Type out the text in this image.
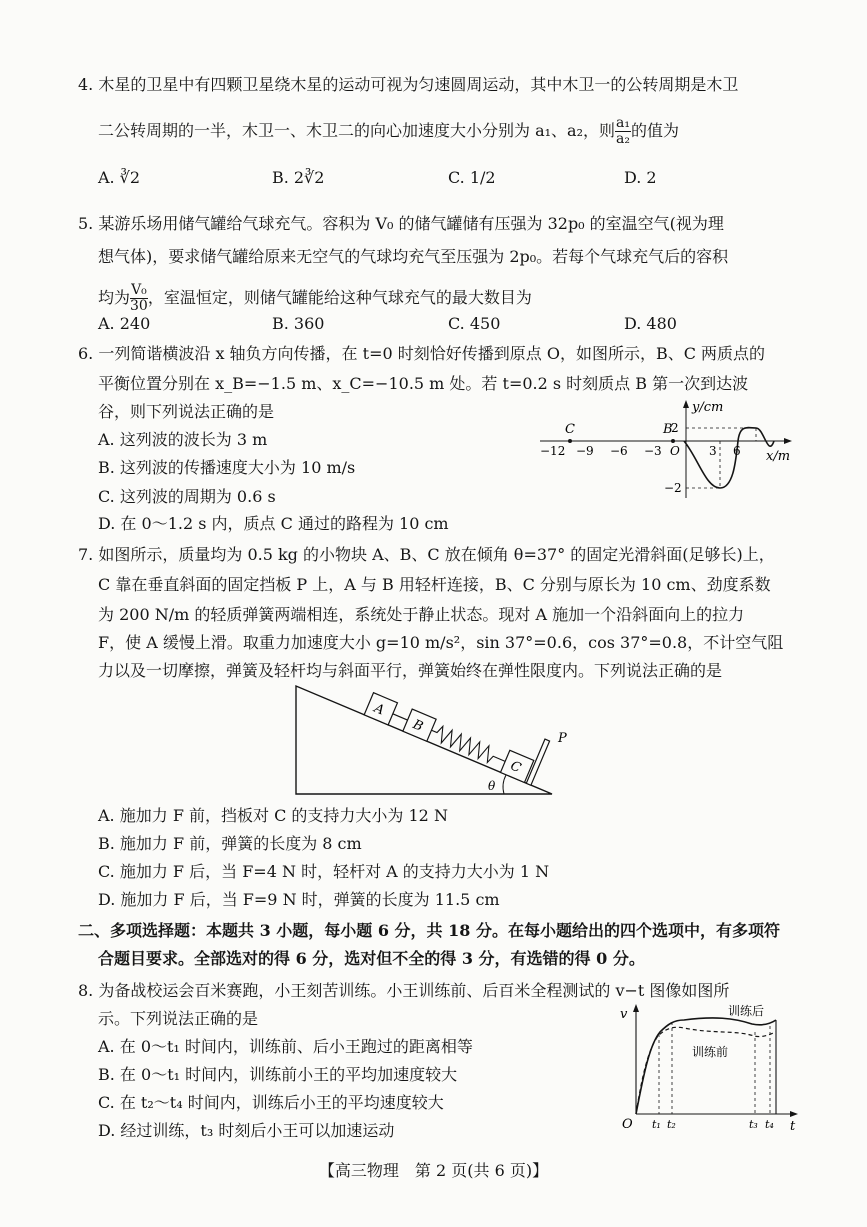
4. 木星的卫星中有四颗卫星绕木星的运动可视为匀速圆周运动，其中木卫一的公转周期是木卫
二公转周期的一半，木卫一、木卫二的向心加速度大小分别为 a₁、a₂，则 $\frac{\text{a₁}}{\text{a₂}}$ 的值为
A. ∛2	B. 2∛2	C. 1/2	D. 2
5. 某游乐场用储气罐给气球充气。容积为 V₀ 的储气罐储有压强为 32p₀ 的室温空气(视为理
想气体)，要求储气罐给原来无空气的气球均充气至压强为 2p₀。若每个气球充气后的容积
均为 $\frac{\text{V₀}}{30}$ ，室温恒定，则储气罐能给这种气球充气的最大数目为
A. 240	B. 360	C. 450	D. 480
6. 一列简谐横波沿 x 轴负方向传播，在 t=0 时刻恰好传播到原点 O，如图所示，B、C 两质点的
平衡位置分别在 x_B=−1.5 m、x_C=−10.5 m 处。若 t=0.2 s 时刻质点 B 第一次到达波
谷，则下列说法正确的是
A. 这列波的波长为 3 m
B. 这列波的传播速度大小为 10 m/s
C. 这列波的周期为 0.6 s
D. 在 0～1.2 s 内，质点 C 通过的路程为 10 cm
y/cm
x/m
C	B
2
−2
−12 −9 −6 −3 O 3 6
7. 如图所示，质量均为 0.5 kg 的小物块 A、B、C 放在倾角 θ=37° 的固定光滑斜面(足够长)上，
C 靠在垂直斜面的固定挡板 P 上，A 与 B 用轻杆连接，B、C 分别与原长为 10 cm、劲度系数
为 200 N/m 的轻质弹簧两端相连，系统处于静止状态。现对 A 施加一个沿斜面向上的拉力
F，使 A 缓慢上滑。取重力加速度大小 g=10 m/s²，sin 37°=0.6，cos 37°=0.8，不计空气阻
力以及一切摩擦，弹簧及轻杆均与斜面平行，弹簧始终在弹性限度内。下列说法正确的是
A
B
C
P
θ
A. 施加力 F 前，挡板对 C 的支持力大小为 12 N
B. 施加力 F 前，弹簧的长度为 8 cm
C. 施加力 F 后，当 F=4 N 时，轻杆对 A 的支持力大小为 1 N
D. 施加力 F 后，当 F=9 N 时，弹簧的长度为 11.5 cm
二、多项选择题：本题共 3 小题，每小题 6 分，共 18 分。在每小题给出的四个选项中，有多项符
合题目要求。全部选对的得 6 分，选对但不全的得 3 分，有选错的得 0 分。
8. 为备战校运会百米赛跑，小王刻苦训练。小王训练前、后百米全程测试的 v−t 图像如图所
示。下列说法正确的是
A. 在 0～t₁ 时间内，训练前、后小王跑过的距离相等
B. 在 0～t₁ 时间内，训练前小王的平均加速度较大
C. 在 t₂～t₄ 时间内，训练后小王的平均速度较大
D. 经过训练，t₃ 时刻后小王可以加速运动
v
t
O
训练后
训练前
t₁ t₂	t₃ t₄
【高三物理　第 2 页(共 6 页)】
